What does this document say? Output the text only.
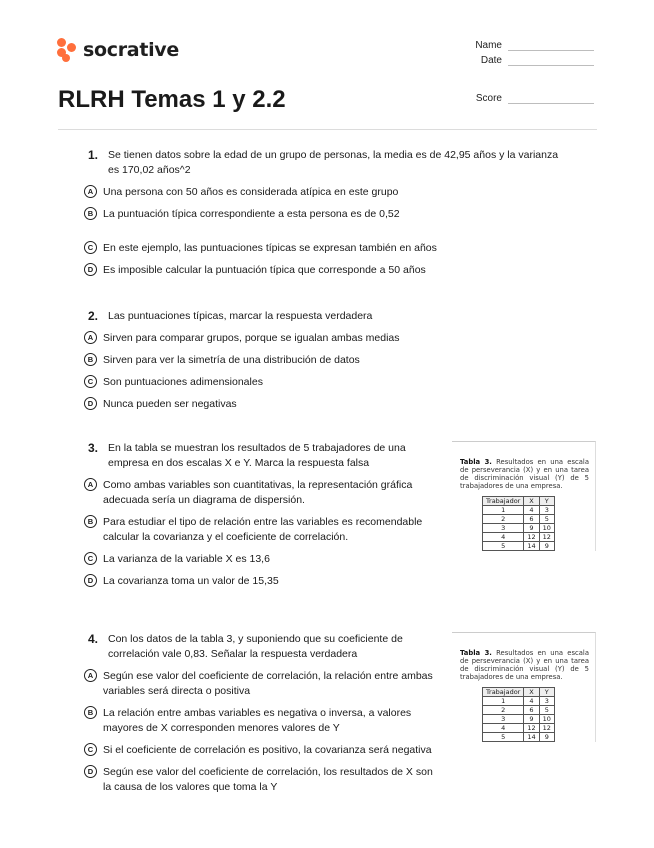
socrative	Name
Date
Score
RLRH Temas 1 y 2.2
1. Se tienen datos sobre la edad de un grupo de personas, la media es de 42,95 años y la varianza es 170,02 años^2
A Una persona con 50 años es considerada atípica en este grupo
B La puntuación típica correspondiente a esta persona es de 0,52
C En este ejemplo, las puntuaciones típicas se expresan también en años
D Es imposible calcular la puntuación típica que corresponde a 50 años
2. Las puntuaciones típicas, marcar la respuesta verdadera
A Sirven para comparar grupos, porque se igualan ambas medias
B Sirven para ver la simetría de una distribución de datos
C Son puntuaciones adimensionales
D Nunca pueden ser negativas
3. En la tabla se muestran los resultados de 5 trabajadores de una empresa en dos escalas X e Y. Marca la respuesta falsa
A Como ambas variables son cuantitativas, la representación gráfica adecuada sería un diagrama de dispersión.
B Para estudiar el tipo de relación entre las variables es recomendable calcular la covarianza y el coeficiente de correlación.
C La varianza de la variable X es 13,6
D La covarianza toma un valor de 15,35
Tabla 3. Resultados en una escala de perseverancia (X) y en una tarea de discriminación visual (Y) de 5 trabajadores de una empresa.
Trabajador	X	Y
1	4	3
2	6	5
3	9	10
4	12	12
5	14	9
4. Con los datos de la tabla 3, y suponiendo que su coeficiente de correlación vale 0,83. Señalar la respuesta verdadera
A Según ese valor del coeficiente de correlación, la relación entre ambas variables será directa o positiva
B La relación entre ambas variables es negativa o inversa, a valores mayores de X corresponden menores valores de Y
C Si el coeficiente de correlación es positivo, la covarianza será negativa
D Según ese valor del coeficiente de correlación, los resultados de X son la causa de los valores que toma la Y
Tabla 3. Resultados en una escala de perseverancia (X) y en una tarea de discriminación visual (Y) de 5 trabajadores de una empresa.
Trabajador	X	Y
1	4	3
2	6	5
3	9	10
4	12	12
5	14	9
